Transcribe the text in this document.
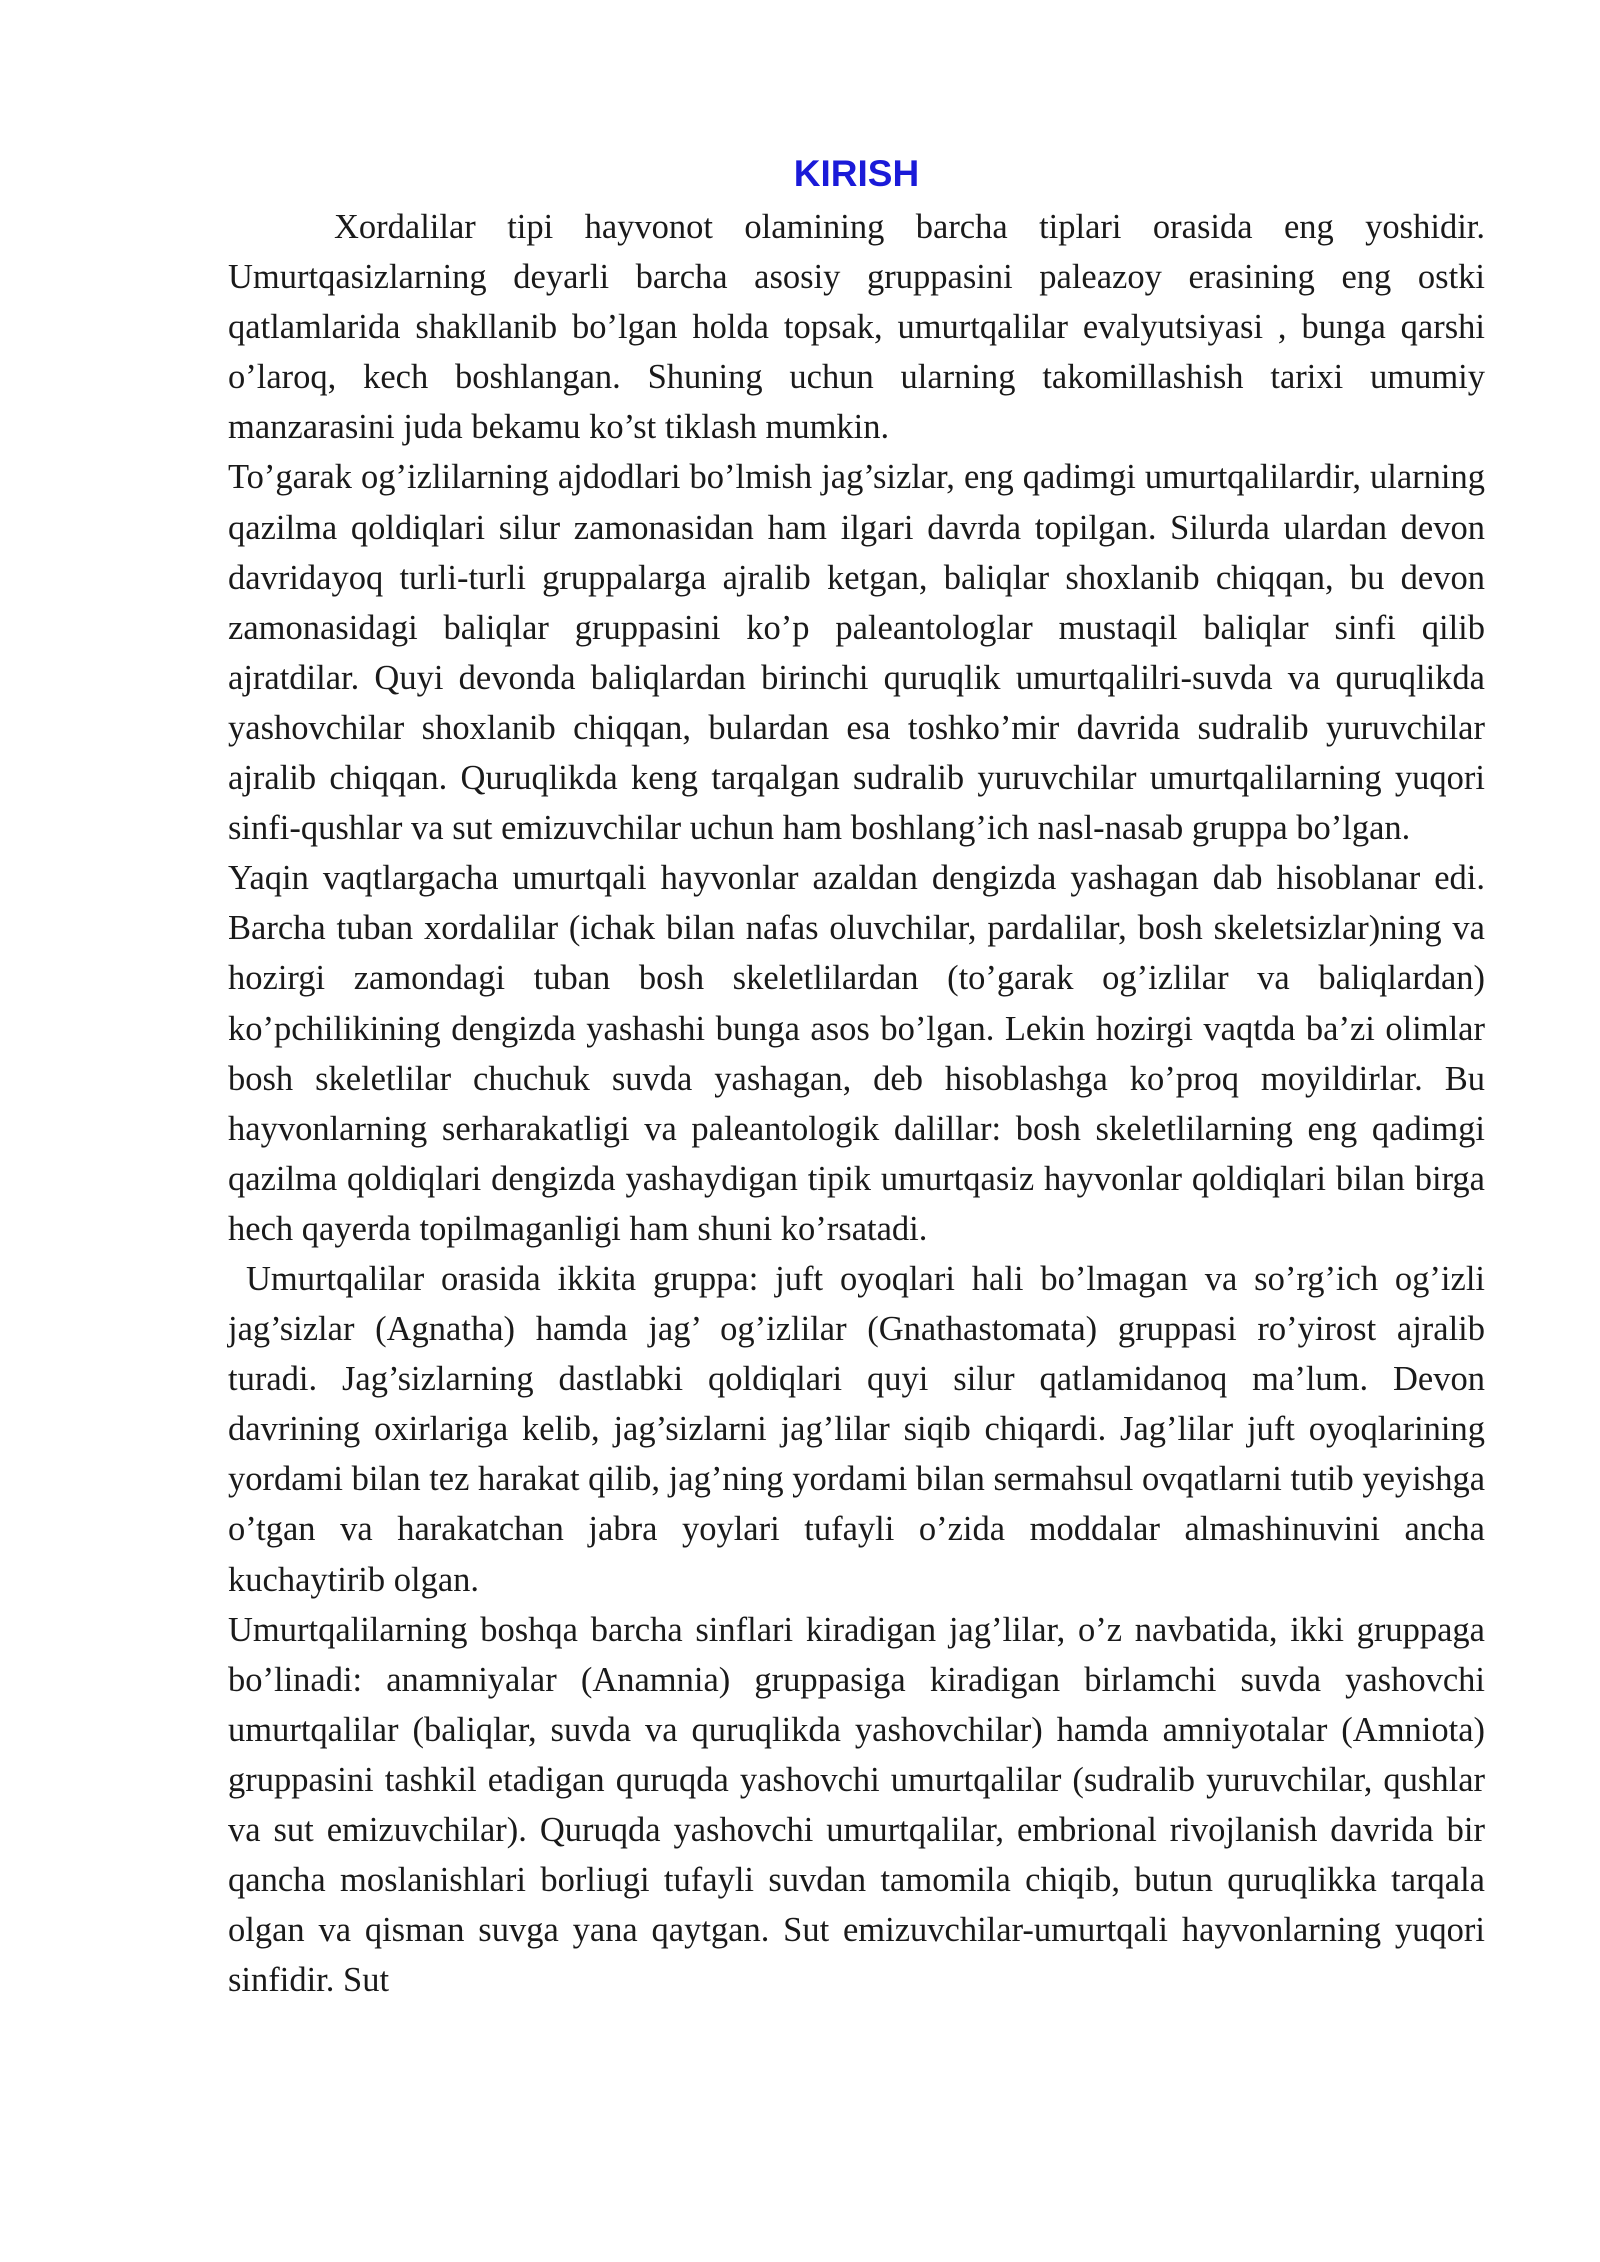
KIRISH

Xordalilar tipi hayvonot olamining barcha tiplari orasida eng yoshidir. Umurtqasizlarning deyarli barcha asosiy gruppasini paleazoy erasining eng ostki qatlamlarida shakllanib bo’lgan holda topsak, umurtqalilar evalyutsiyasi , bunga qarshi o’laroq, kech boshlangan. Shuning uchun ularning takomillashish tarixi umumiy manzarasini juda bekamu ko’st tiklash mumkin.

To’garak og’izlilarning ajdodlari bo’lmish jag’sizlar, eng qadimgi umurtqalilardir, ularning qazilma qoldiqlari silur zamonasidan ham ilgari davrda topilgan. Silurda ulardan devon davridayoq turli-turli gruppalarga ajralib ketgan, baliqlar shoxlanib chiqqan, bu devon zamonasidagi baliqlar gruppasini ko’p paleantologlar mustaqil baliqlar sinfi qilib ajratdilar. Quyi devonda baliqlardan birinchi quruqlik umurtqalilri-suvda va quruqlikda yashovchilar shoxlanib chiqqan, bulardan esa toshko’mir davrida sudralib yuruvchilar ajralib chiqqan. Quruqlikda keng tarqalgan sudralib yuruvchilar umurtqalilarning yuqori sinfi-qushlar va sut emizuvchilar uchun ham boshlang’ich nasl-nasab gruppa bo’lgan.

Yaqin vaqtlargacha umurtqali hayvonlar azaldan dengizda yashagan dab hisoblanar edi. Barcha tuban xordalilar (ichak bilan nafas oluvchilar, pardalilar, bosh skeletsizlar)ning va hozirgi zamondagi tuban bosh skeletlilardan (to’garak og’izlilar va baliqlardan) ko’pchilikining dengizda yashashi bunga asos bo’lgan. Lekin hozirgi vaqtda ba’zi olimlar bosh skeletlilar chuchuk suvda yashagan, deb hisoblashga ko’proq moyildirlar. Bu hayvonlarning serharakatligi va paleantologik dalillar: bosh skeletlilarning eng qadimgi qazilma qoldiqlari dengizda yashaydigan tipik umurtqasiz hayvonlar qoldiqlari bilan birga hech qayerda topilmaganligi ham shuni ko’rsatadi.

Umurtqalilar orasida ikkita gruppa: juft oyoqlari hali bo’lmagan va so’rg’ich og’izli jag’sizlar (Agnatha) hamda jag’ og’izlilar (Gnathastomata) gruppasi ro’yirost ajralib turadi. Jag’sizlarning dastlabki qoldiqlari quyi silur qatlamidanoq ma’lum. Devon davrining oxirlariga kelib, jag’sizlarni jag’lilar siqib chiqardi. Jag’lilar juft oyoqlarining yordami bilan tez harakat qilib, jag’ning yordami bilan sermahsul ovqatlarni tutib yeyishga o’tgan va harakatchan jabra yoylari tufayli o’zida moddalar almashinuvini ancha kuchaytirib olgan.

Umurtqalilarning boshqa barcha sinflari kiradigan jag’lilar, o’z navbatida, ikki gruppaga bo’linadi: anamniyalar (Anamnia) gruppasiga kiradigan birlamchi suvda yashovchi umurtqalilar (baliqlar, suvda va quruqlikda yashovchilar) hamda amniyotalar (Amniota) gruppasini tashkil etadigan quruqda yashovchi umurtqalilar (sudralib yuruvchilar, qushlar va sut emizuvchilar). Quruqda yashovchi umurtqalilar, embrional rivojlanish davrida bir qancha moslanishlari borliugi tufayli suvdan tamomila chiqib, butun quruqlikka tarqala olgan va qisman suvga yana qaytgan. Sut emizuvchilar-umurtqali hayvonlarning yuqori sinfidir. Sut
